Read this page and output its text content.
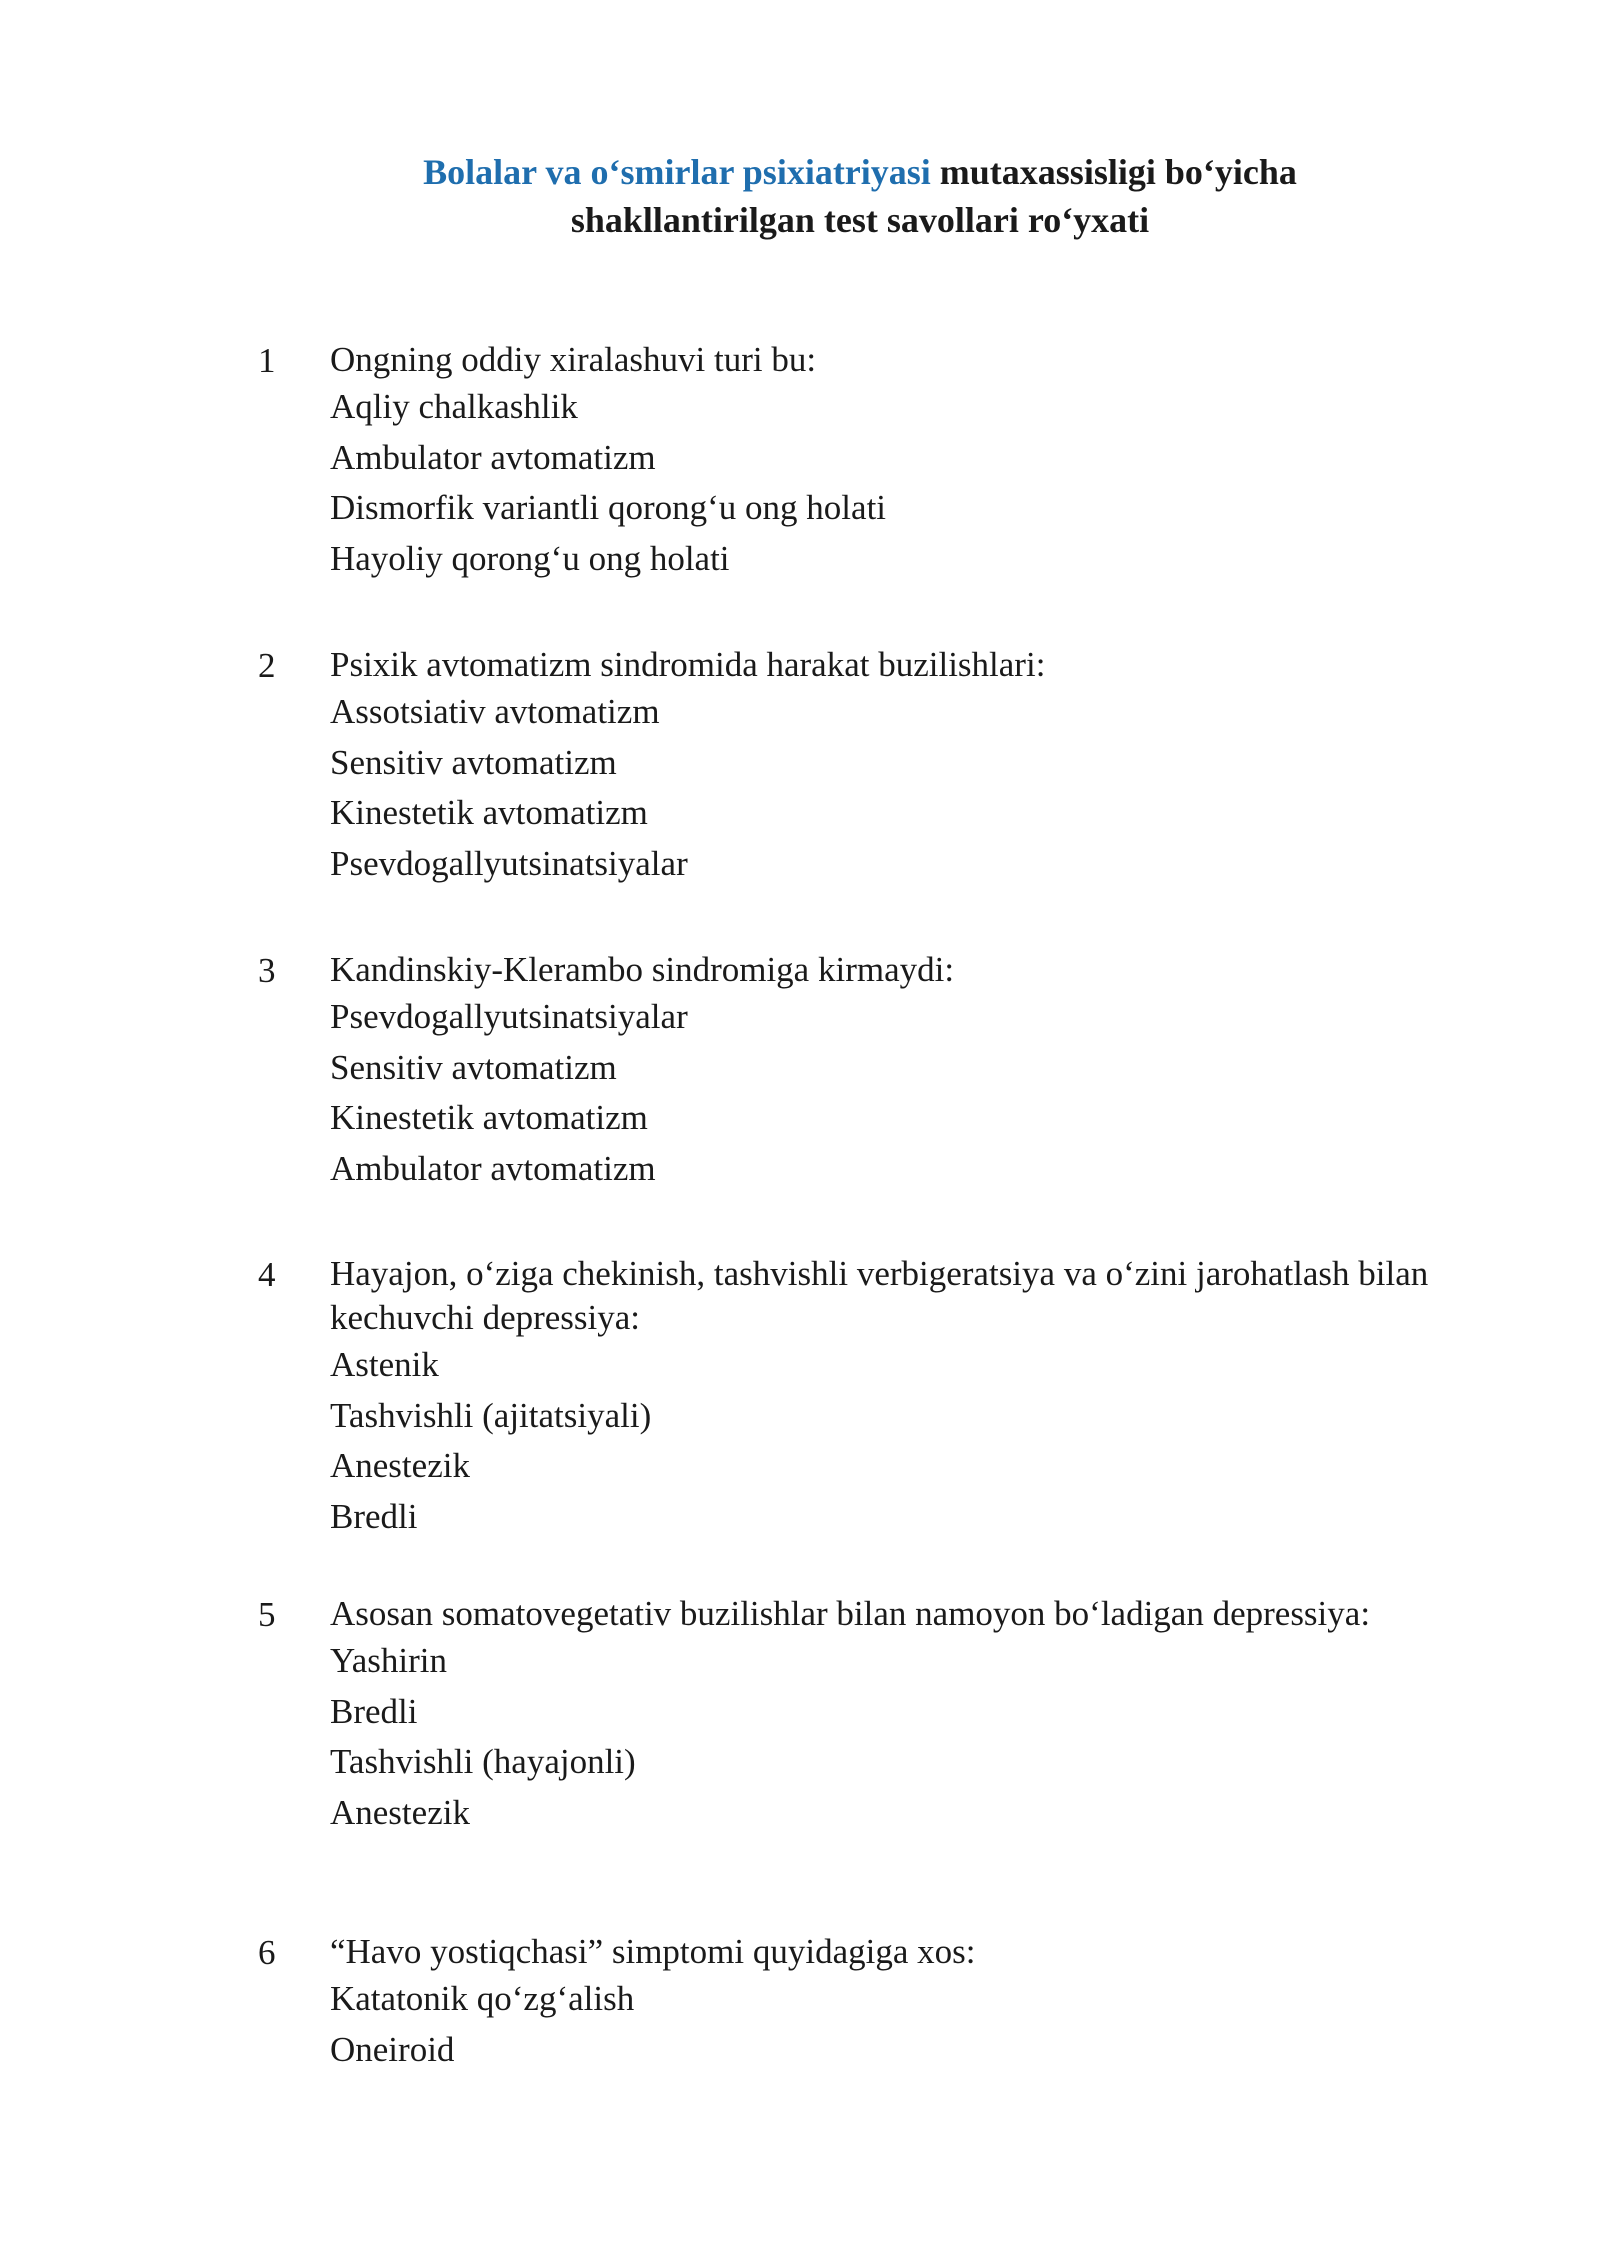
Bolalar va o‘smirlar psixiatriyasi mutaxassisligi bo‘yicha
shakllantirilgan test savollari ro‘yxati
1 Ongning oddiy xiralashuvi turi bu:

Aqliy chalkashlik
Ambulator avtomatizm
Dismorfik variantli qorong‘u ong holati
Hayoliy qorong‘u ong holati
2 Psixik avtomatizm sindromida harakat buzilishlari:

Assotsiativ avtomatizm
Sensitiv avtomatizm
Kinestetik avtomatizm
Psevdogallyutsinatsiyalar
3 Kandinskiy-Klerambo sindromiga kirmaydi:

Psevdogallyutsinatsiyalar
Sensitiv avtomatizm
Kinestetik avtomatizm
Ambulator avtomatizm
4 Hayajon, o‘ziga chekinish, tashvishli verbigeratsiya va o‘zini jarohatlash bilan kechuvchi depressiya:

Astenik
Tashvishli (ajitatsiyali)
Anestezik
Bredli
5 Asosan somatovegetativ buzilishlar bilan namoyon bo‘ladigan depressiya:

Yashirin
Bredli
Tashvishli (hayajonli)
Anestezik
6 “Havo yostiqchasi” simptomi quyidagiga xos:

Katatonik qo‘zg‘alish
Oneiroid
